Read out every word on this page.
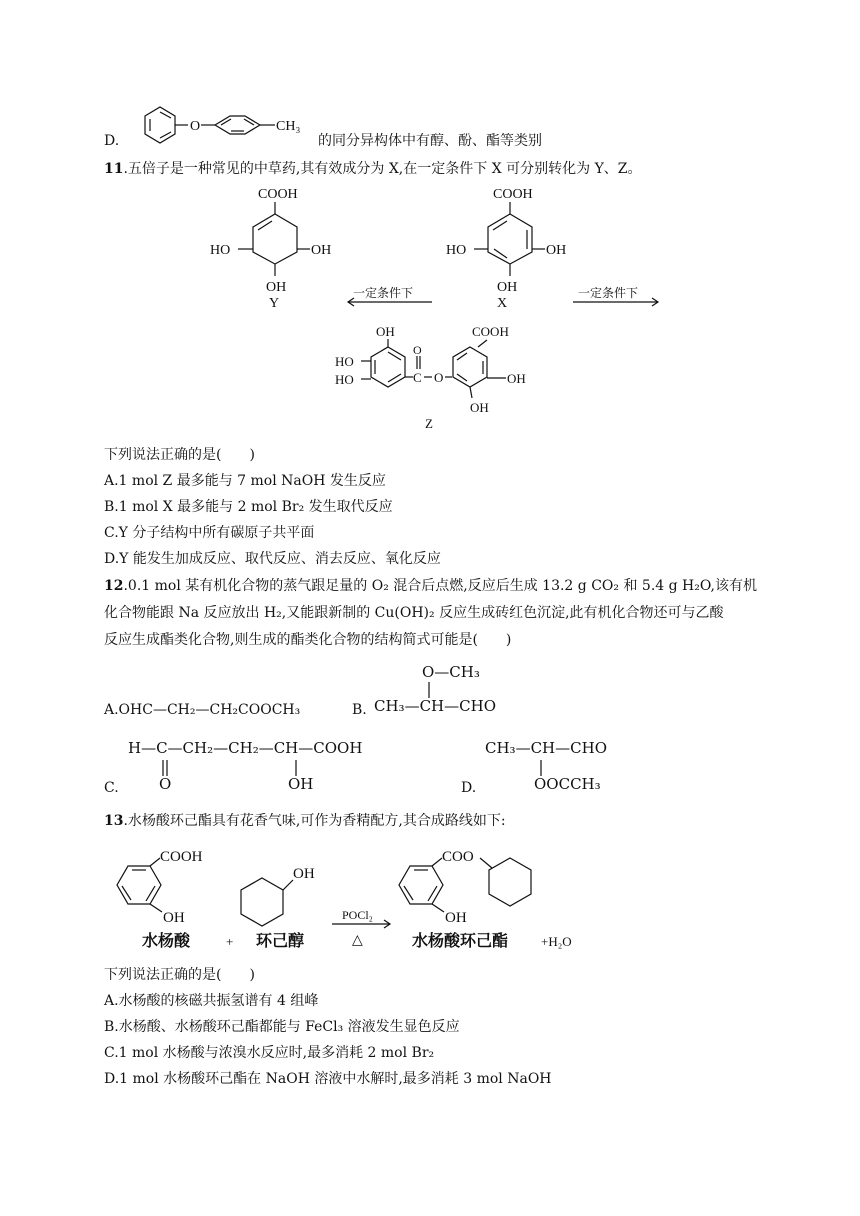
D.
O	CH₃
的同分异构体中有醇、酚、酯等类别
11.五倍子是一种常见的中草药,其有效成分为 X,在一定条件下 X 可分别转化为 Y、Z。
COOH
HO	OH
OH
Y
COOH
HO	OH
OH
X
一定条件下	一定条件下
OH
HO
HO	C
O
O
COOH
OH
OH
Z
下列说法正确的是(　　)
A.1 mol Z 最多能与 7 mol NaOH 发生反应
B.1 mol X 最多能与 2 mol Br₂ 发生取代反应
C.Y 分子结构中所有碳原子共平面
D.Y 能发生加成反应、取代反应、消去反应、氧化反应
12.0.1 mol 某有机化合物的蒸气跟足量的 O₂ 混合后点燃,反应后生成 13.2 g CO₂ 和 5.4 g H₂O,该有机
化合物能跟 Na 反应放出 H₂,又能跟新制的 Cu(OH)₂ 反应生成砖红色沉淀,此有机化合物还可与乙酸
反应生成酯类化合物,则生成的酯类化合物的结构简式可能是(　　)
A.OHC—CH₂—CH₂COOCH₃	B.
O—CH₃
CH₃—CH—CHO
C.
H—C—CH₂—CH₂—CH—COOH
O	OH	D.
CH₃—CH—CHO
OOCCH₃
13.水杨酸环己酯具有花香气味,可作为香精配方,其合成路线如下:
COOH
OH
水杨酸	+
OH
环己醇
POCl₂
△
COO
OH
水杨酸环己酯	+H₂O
下列说法正确的是(　　)
A.水杨酸的核磁共振氢谱有 4 组峰
B.水杨酸、水杨酸环己酯都能与 FeCl₃ 溶液发生显色反应
C.1 mol 水杨酸与浓溴水反应时,最多消耗 2 mol Br₂
D.1 mol 水杨酸环己酯在 NaOH 溶液中水解时,最多消耗 3 mol NaOH
